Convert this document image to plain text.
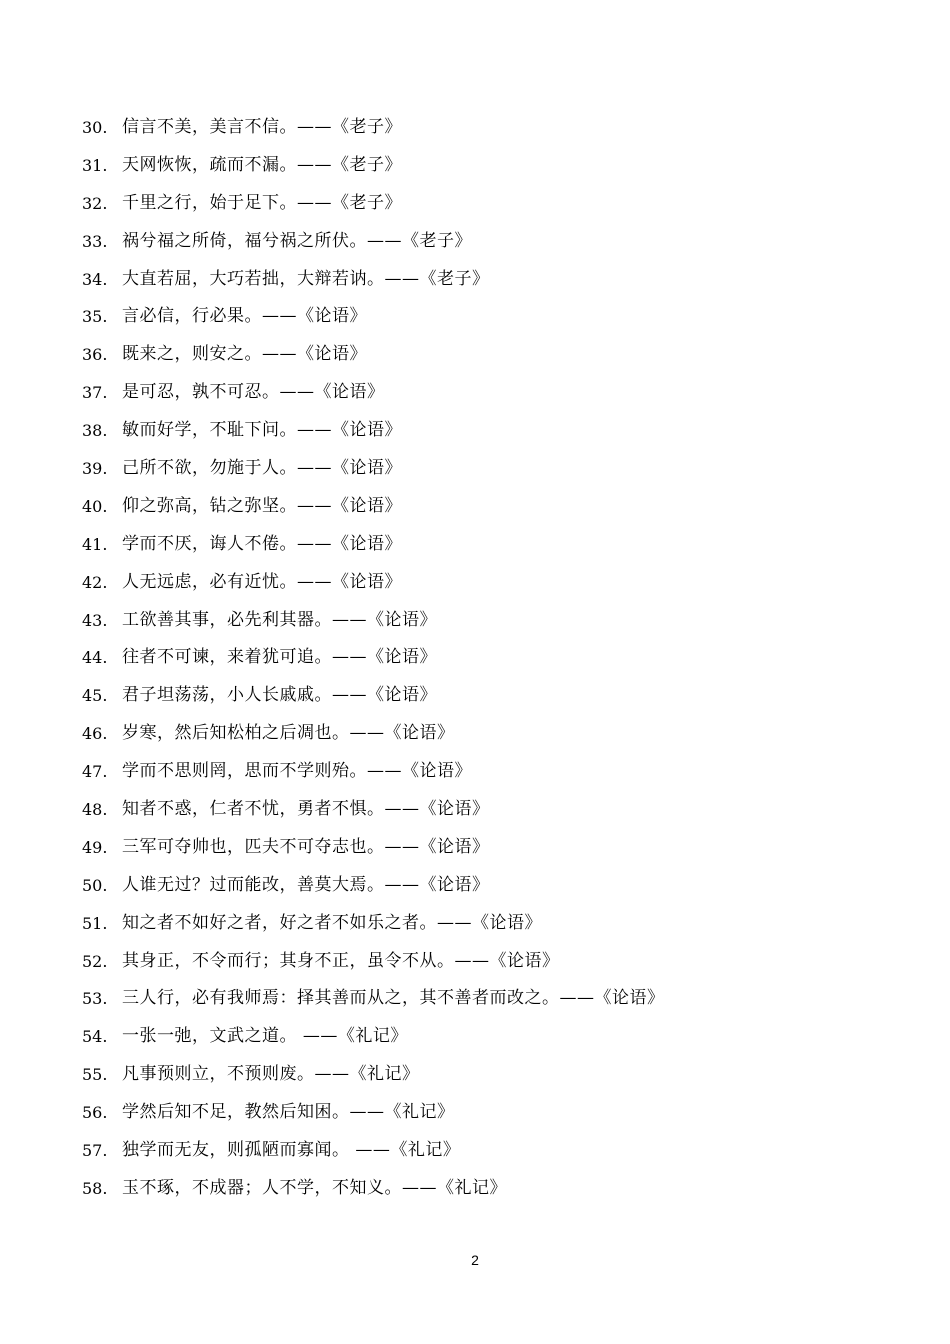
30. 信言不美，美言不信。——《老子》
31. 天网恢恢，疏而不漏。——《老子》
32. 千里之行，始于足下。——《老子》
33. 祸兮福之所倚，福兮祸之所伏。——《老子》
34. 大直若屈，大巧若拙，大辩若讷。——《老子》
35. 言必信，行必果。——《论语》
36. 既来之，则安之。——《论语》
37. 是可忍，孰不可忍。——《论语》
38. 敏而好学，不耻下问。——《论语》
39. 己所不欲，勿施于人。——《论语》
40. 仰之弥高，钻之弥坚。——《论语》
41. 学而不厌，诲人不倦。——《论语》
42. 人无远虑，必有近忧。——《论语》
43. 工欲善其事，必先利其器。——《论语》
44. 往者不可谏，来着犹可追。——《论语》
45. 君子坦荡荡，小人长戚戚。——《论语》
46. 岁寒，然后知松柏之后凋也。——《论语》
47. 学而不思则罔，思而不学则殆。——《论语》
48. 知者不惑，仁者不忧，勇者不惧。——《论语》
49. 三军可夺帅也，匹夫不可夺志也。——《论语》
50. 人谁无过？过而能改，善莫大焉。——《论语》
51. 知之者不如好之者，好之者不如乐之者。——《论语》
52. 其身正，不令而行；其身不正，虽令不从。——《论语》
53. 三人行，必有我师焉：择其善而从之，其不善者而改之。——《论语》
54. 一张一弛，文武之道。 ——《礼记》
55. 凡事预则立，不预则废。——《礼记》
56. 学然后知不足，教然后知困。——《礼记》
57. 独学而无友，则孤陋而寡闻。 ——《礼记》
58. 玉不琢，不成器；人不学，不知义。——《礼记》
2
